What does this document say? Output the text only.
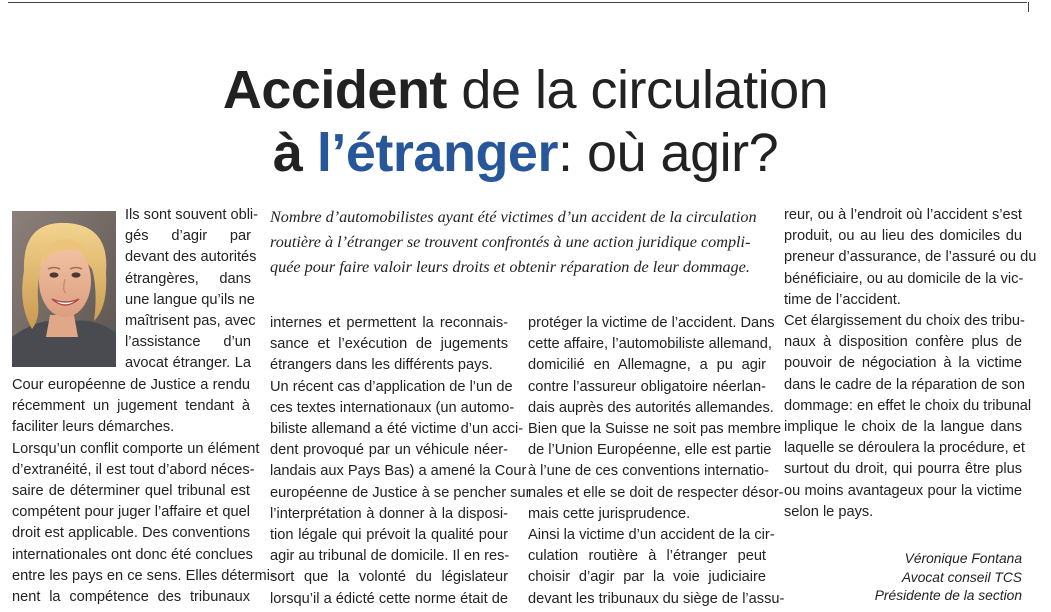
Accident de la circulation
à l’étranger: où agir?
Nombre d’automobilistes ayant été victimes d’un accident de la circulation
routière à l’étranger se trouvent confrontés à une action juridique compli-
quée pour faire valoir leurs droits et obtenir réparation de leur dommage.
Ils sont souvent obli-
gés d’agir par
devant des autorités
étrangères, dans
une langue qu’ils ne
maîtrisent pas, avec
l’assistance d’un
avocat étranger. La
Cour européenne de Justice a rendu
récemment un jugement tendant à
faciliter leurs démarches.
Lorsqu’un conflit comporte un élément
d’extranéité, il est tout d’abord néces-
saire de déterminer quel tribunal est
compétent pour juger l’affaire et quel
droit est applicable. Des conventions
internationales ont donc été conclues
entre les pays en ce sens. Elles détermi-
nent la compétence des tribunaux
internes et permettent la reconnais-
sance et l’exécution de jugements
étrangers dans les différents pays.
Un récent cas d’application de l’un de
ces textes internationaux (un automo-
biliste allemand a été victime d’un acci-
dent provoqué par un véhicule néer-
landais aux Pays Bas) a amené la Cour
européenne de Justice à se pencher sur
l’interprétation à donner à la disposi-
tion légale qui prévoit la qualité pour
agir au tribunal de domicile. Il en res-
sort que la volonté du législateur
lorsqu’il a édicté cette norme était de
protéger la victime de l’accident. Dans
cette affaire, l’automobiliste allemand,
domicilié en Allemagne, a pu agir
contre l’assureur obligatoire néerlan-
dais auprès des autorités allemandes.
Bien que la Suisse ne soit pas membre
de l’Union Européenne, elle est partie
à l’une de ces conventions internatio-
nales et elle se doit de respecter désor-
mais cette jurisprudence.
Ainsi la victime d’un accident de la cir-
culation routière à l’étranger peut
choisir d’agir par la voie judiciaire
devant les tribunaux du siège de l’assu-
reur, ou à l’endroit où l’accident s’est
produit, ou au lieu des domiciles du
preneur d’assurance, de l’assuré ou du
bénéficiaire, ou au domicile de la vic-
time de l’accident.
Cet élargissement du choix des tribu-
naux à disposition confère plus de
pouvoir de négociation à la victime
dans le cadre de la réparation de son
dommage: en effet le choix du tribunal
implique le choix de la langue dans
laquelle se déroulera la procédure, et
surtout du droit, qui pourra être plus
ou moins avantageux pour la victime
selon le pays.
Véronique Fontana
Avocat conseil TCS
Présidente de la section
